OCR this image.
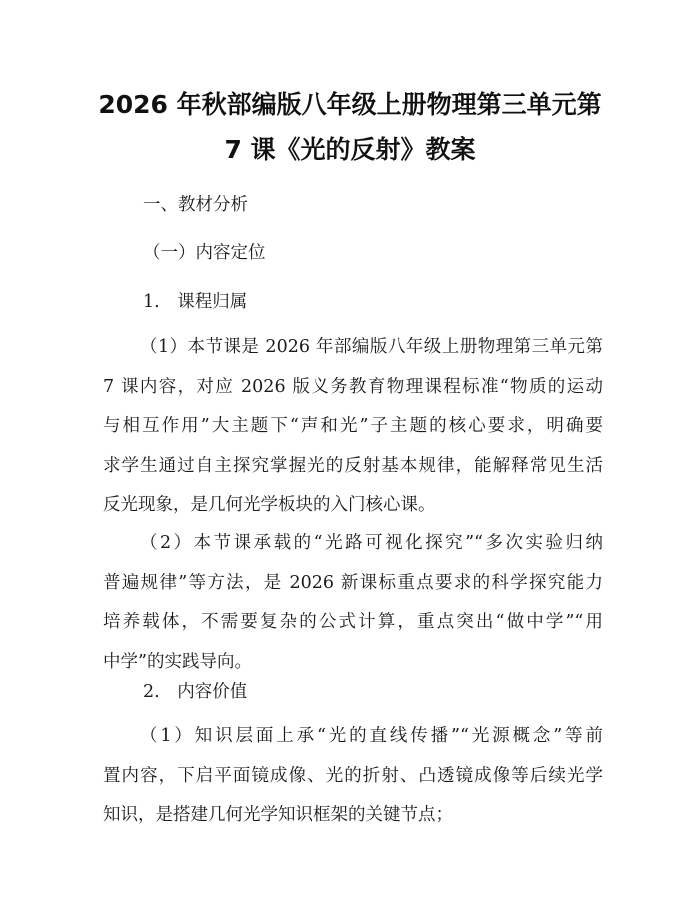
2026 年秋部编版八年级上册物理第三单元第
7 课《光的反射》教案
一、教材分析
（一）内容定位
1.　课程归属
（1）本节课是 2026 年部编版八年级上册物理第三单元第
7 课内容，对应 2026 版义务教育物理课程标准“物质的运动
与相互作用”大主题下“声和光”子主题的核心要求，明确要
求学生通过自主探究掌握光的反射基本规律，能解释常见生活
反光现象，是几何光学板块的入门核心课。
（2）本节课承载的“光路可视化探究”“多次实验归纳
普遍规律”等方法，是 2026 新课标重点要求的科学探究能力
培养载体，不需要复杂的公式计算，重点突出“做中学”“用
中学”的实践导向。
2.　内容价值
（1）知识层面上承“光的直线传播”“光源概念”等前
置内容，下启平面镜成像、光的折射、凸透镜成像等后续光学
知识，是搭建几何光学知识框架的关键节点；
